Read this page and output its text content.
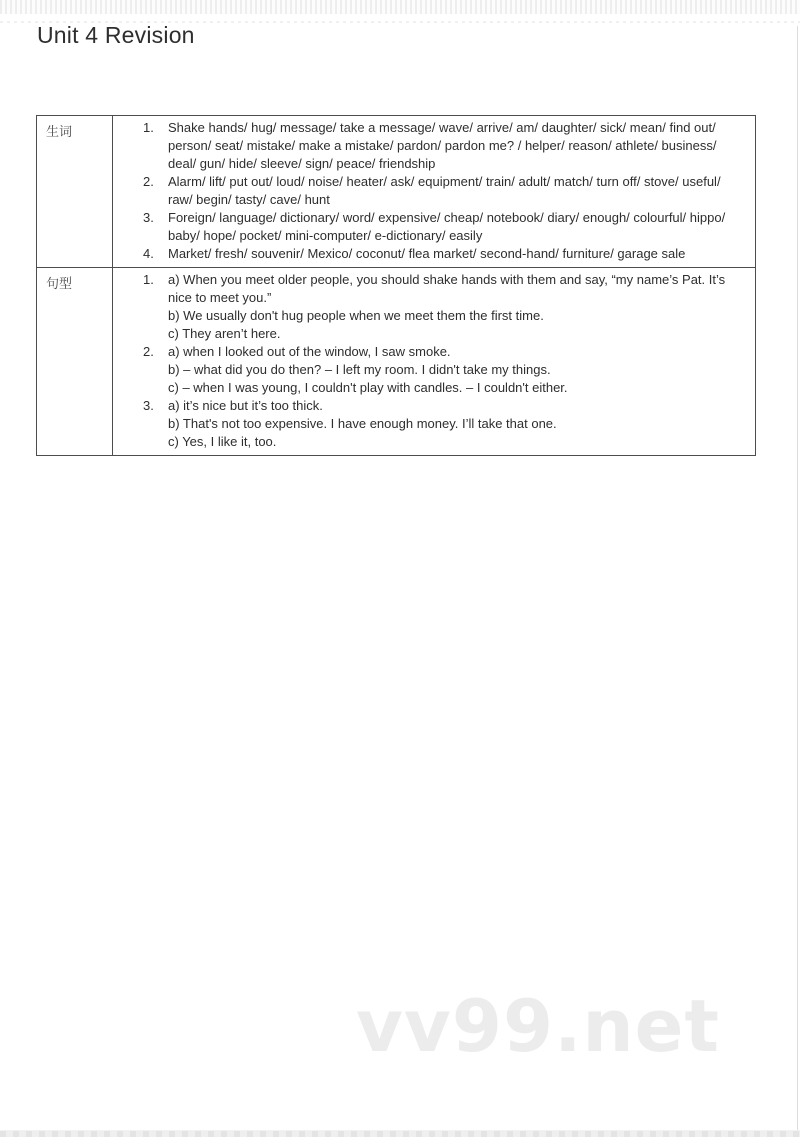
Unit 4 Revision
生词	1.	Shake hands/ hug/ message/ take a message/ wave/ arrive/ am/ daughter/ sick/ mean/ find out/ person/ seat/ mistake/ make a mistake/ pardon/ pardon me? / helper/ reason/ athlete/ business/ deal/ gun/ hide/ sleeve/ sign/ peace/ friendship
2.	Alarm/ lift/ put out/ loud/ noise/ heater/ ask/ equipment/ train/ adult/ match/ turn off/ stove/ useful/ raw/ begin/ tasty/ cave/ hunt
3.	Foreign/ language/ dictionary/ word/ expensive/ cheap/ notebook/ diary/ enough/ colourful/ hippo/ baby/ hope/ pocket/ mini-computer/ e-dictionary/ easily
4.	Market/ fresh/ souvenir/ Mexico/ coconut/ flea market/ second-hand/ furniture/ garage sale
句型	1.	a) When you meet older people, you should shake hands with them and say, “my name’s Pat. It’s nice to meet you.”
b) We usually don't hug people when we meet them the first time.
c) They aren’t here.
2.	a) when I looked out of the window, I saw smoke.
b) – what did you do then? – I left my room. I didn't take my things.
c) – when I was young, I couldn't play with candles. – I couldn't either.
3.	a) it’s nice but it’s too thick.
b) That's not too expensive. I have enough money. I’ll take that one.
c) Yes, I like it, too.
vv99.net
